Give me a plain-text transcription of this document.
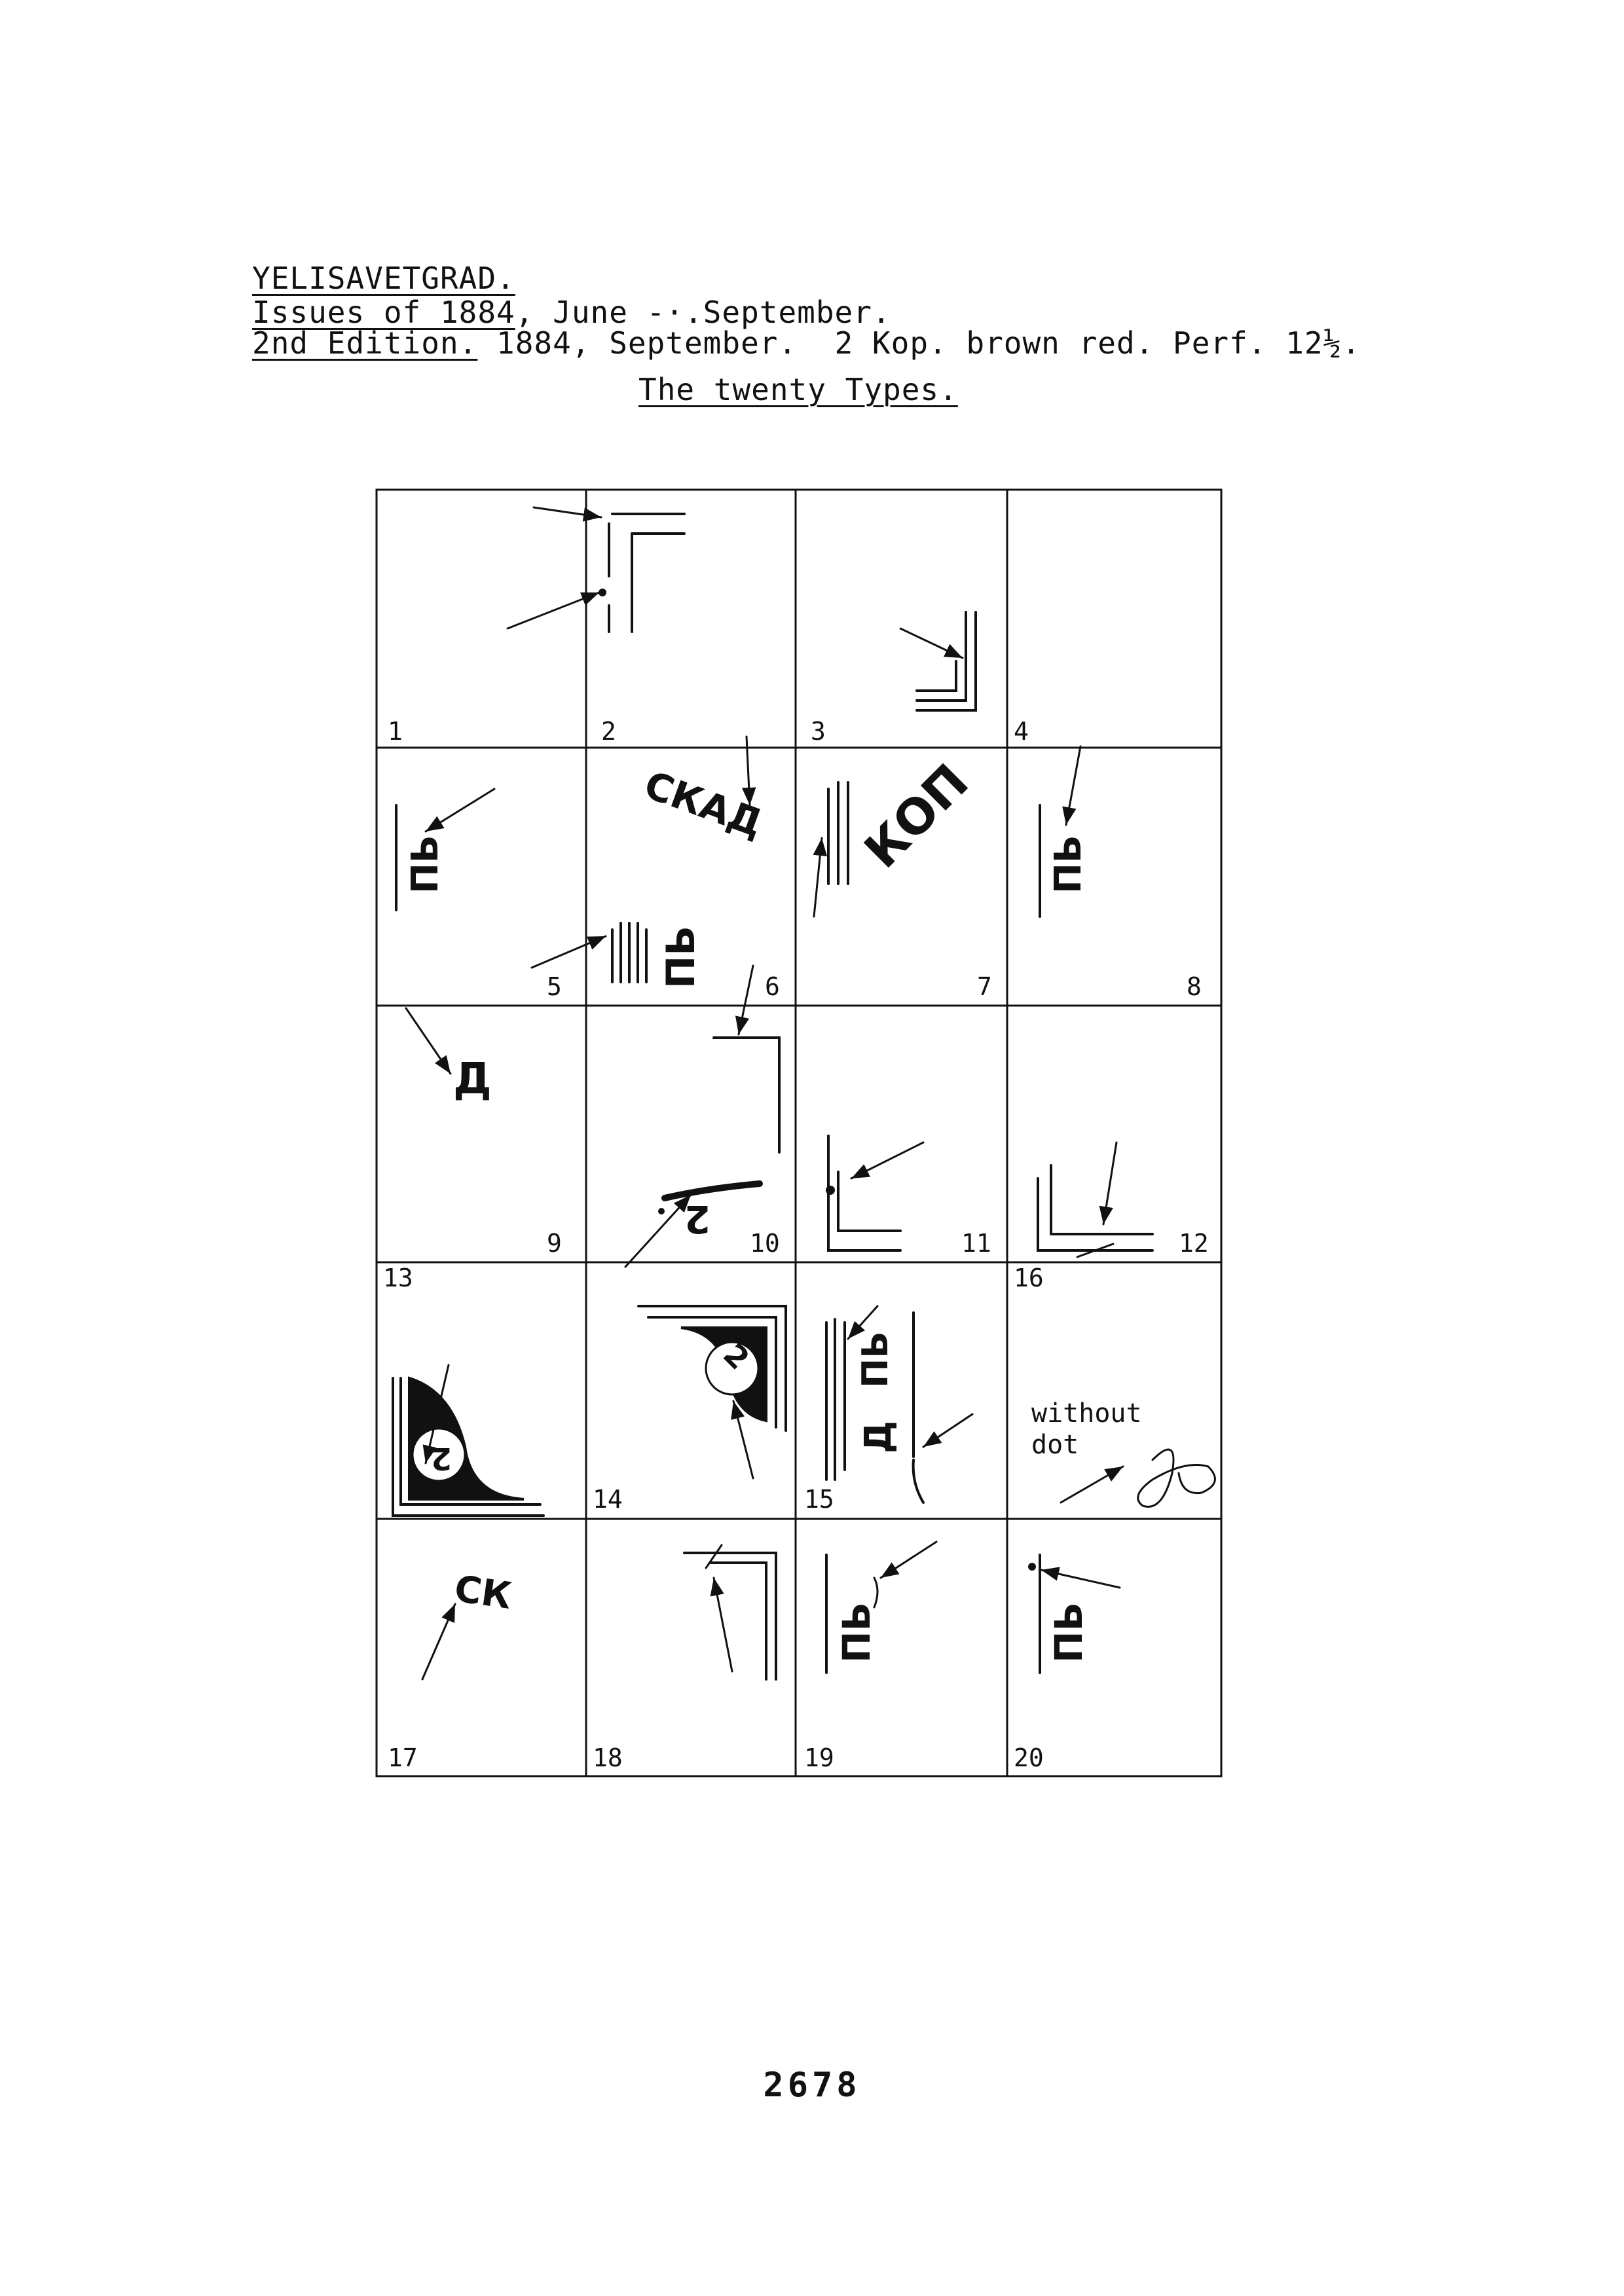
YELISAVETGRAD.
Issues of 1884, June -·.September.
2nd Edition. 1884, September.  2 Kop. brown red. Perf. 12½.
The twenty Types.
1	2	3	4
5	6	7	8
9	10	11	12
13
14	15
16
17	18	19	20
ПЬ
СКАД
ПЬ
КОП ПЬ
Д
2
2
2	ПЬ
Д
СК
ПЬ	ПЬ
without
dot
2678
